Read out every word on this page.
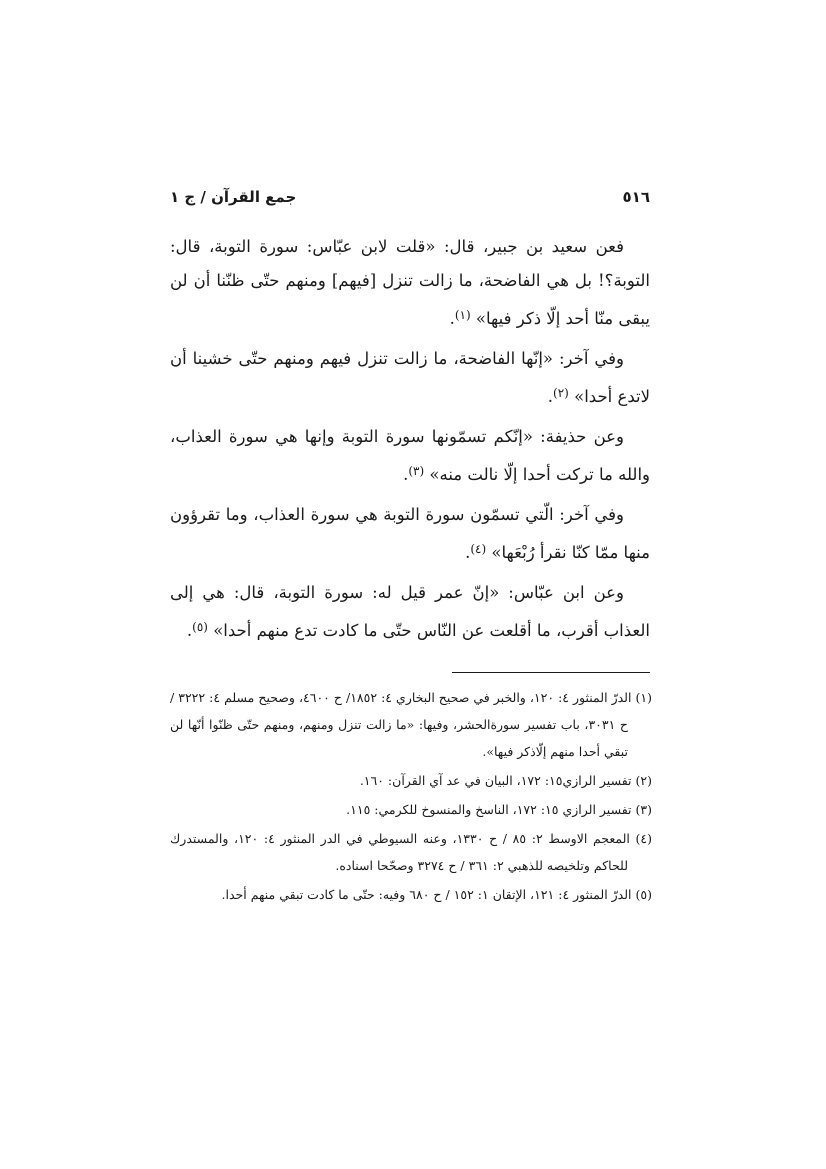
جمع القرآن / ج ١	٥١٦

فعن سعيد بن جبير، قال: «قلت لابن عبّاس: سورة التوبة، قال: التوبة؟! بل هي الفاضحة، ما زالت تنزل [فيهم] ومنهم حتّى ظنّنا أن لن يبقى منّا أحد إلّا ذكر فيها» $^{(١)}$.

وفي آخر: «إنّها الفاضحة، ما زالت تنزل فيهم ومنهم حتّى خشينا أن لاتدع أحدا» $^{(٢)}$.

وعن حذيفة: «إنّكم تسمّونها سورة التوبة وإنها هي سورة العذاب، والله ما تركت أحدا إلّا نالت منه» $^{(٣)}$.

وفي آخر: الّتي تسمّون سورة التوبة هي سورة العذاب، وما تقرؤون منها ممّا كنّا نقرأ رُبْعَها» $^{(٤)}$.

وعن ابن عبّاس: «إنّ عمر قيل له: سورة التوبة، قال: هي إلى العذاب أقرب، ما أقلعت عن النّاس حتّى ما كادت تدع منهم أحدا» $^{(٥)}$.

(١) الدرّ المنثور ٤: ١٢٠، والخبر في صحيح البخاري ٤: ١٨٥٢/ ح ٤٦٠٠، وصحيح مسلم ٤: ٣٢٢٢ / ح ٣٠٣١، باب تفسير سورةالحشر، وفيها: «ما زالت تنزل ومنهم، ومنهم حتّى ظنّوا أنّها لن تبقي أحدا منهم إلّاذكر فيها».
(٢) تفسير الرازي١٥: ١٧٢، البيان في عد آي القرآن: ١٦٠.
(٣) تفسير الرازي ١٥: ١٧٢، الناسخ والمنسوخ للكرمي: ١١٥.
(٤) المعجم الاوسط ٢: ٨٥ / ح ١٣٣٠، وعنه السيوطي في الدر المنثور ٤: ١٢٠، والمستدرك للحاكم وتلخيصه للذهبي ٢: ٣٦١ / ح ٣٢٧٤ وصحّحا اسناده.
(٥) الدرّ المنثور ٤: ١٢١، الإتقان ١: ١٥٢ / ح ٦٨٠ وفيه: حتّى ما كادت تبقي منهم أحدا.
